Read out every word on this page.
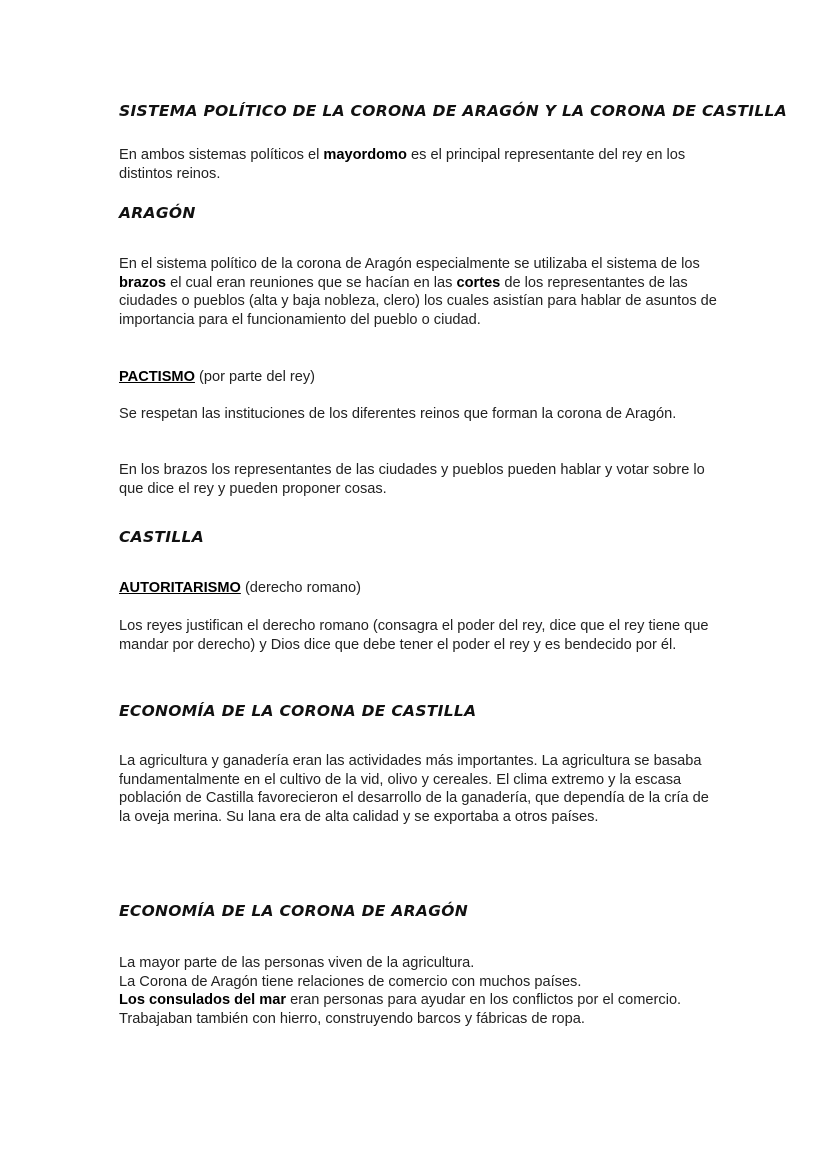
SISTEMA POLÍTICO DE LA CORONA DE ARAGÓN Y LA CORONA DE CASTILLA

En ambos sistemas políticos el mayordomo es el principal representante del rey en los distintos reinos.

ARAGÓN

En el sistema político de la corona de Aragón especialmente se utilizaba el sistema de los brazos el cual eran reuniones que se hacían en las cortes de los representantes de las ciudades o pueblos (alta y baja nobleza, clero) los cuales asistían para hablar de asuntos de importancia para el funcionamiento del pueblo o ciudad.

PACTISMO (por parte del rey)

Se respetan las instituciones de los diferentes reinos que forman la corona de Aragón.

En los brazos los representantes de las ciudades y pueblos pueden hablar y votar sobre lo que dice el rey y pueden proponer cosas.

CASTILLA

AUTORITARISMO (derecho romano)

Los reyes justifican el derecho romano (consagra el poder del rey, dice que el rey tiene que mandar por derecho) y Dios dice que debe tener el poder el rey y es bendecido por él.

ECONOMÍA DE LA CORONA DE CASTILLA

La agricultura y ganadería eran las actividades más importantes. La agricultura se basaba fundamentalmente en el cultivo de la vid, olivo y cereales. El clima extremo y la escasa población de Castilla favorecieron el desarrollo de la ganadería, que dependía de la cría de la oveja merina. Su lana era de alta calidad y se exportaba a otros países.

ECONOMÍA DE LA CORONA DE ARAGÓN

La mayor parte de las personas viven de la agricultura.
La Corona de Aragón tiene relaciones de comercio con muchos países.
Los consulados del mar eran personas para ayudar en los conflictos por el comercio. Trabajaban también con hierro, construyendo barcos y fábricas de ropa.
